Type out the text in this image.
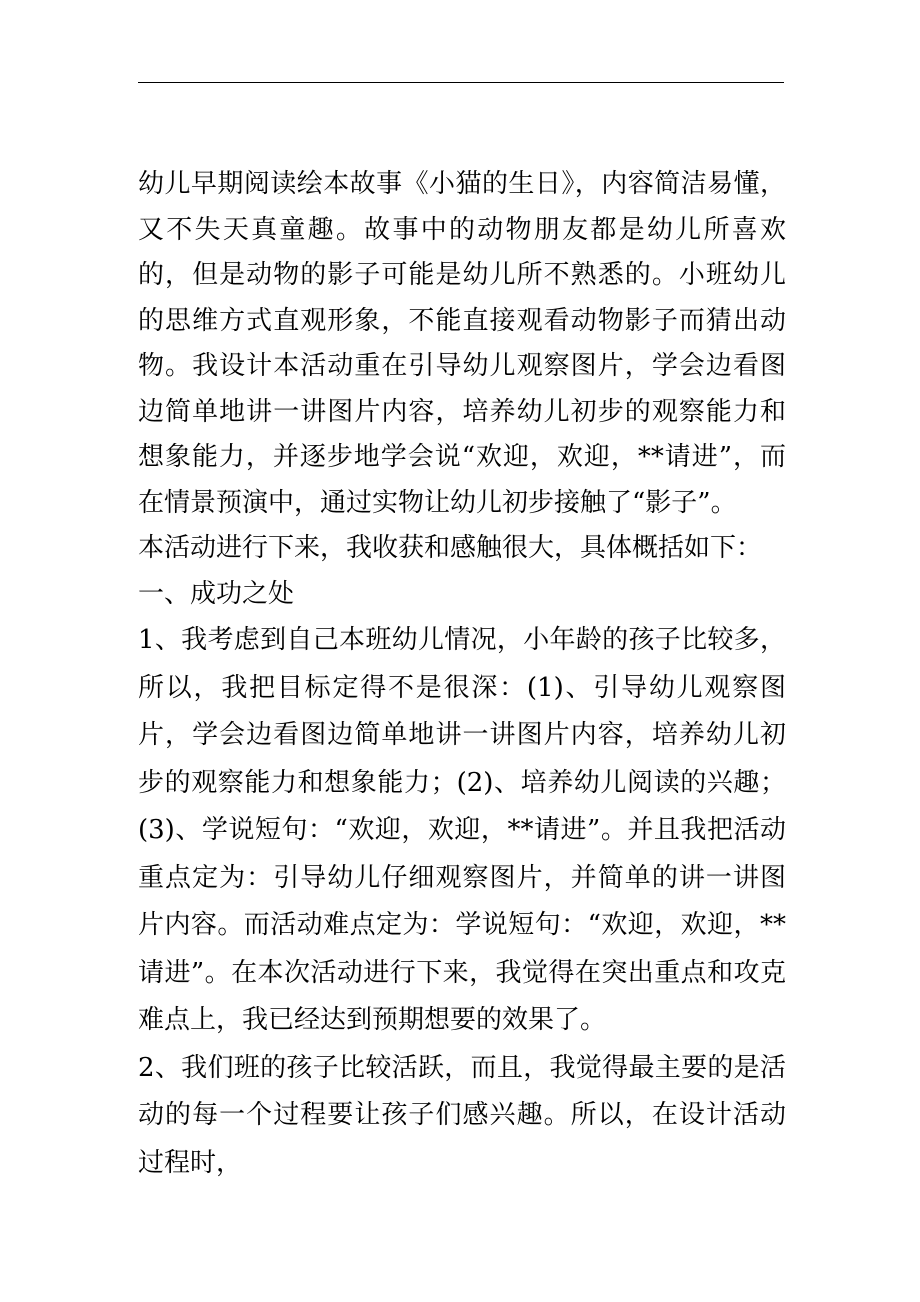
幼儿早期阅读绘本故事《小猫的生日》，内容简洁易懂，又不失天真童趣。故事中的动物朋友都是幼儿所喜欢的，但是动物的影子可能是幼儿所不熟悉的。小班幼儿的思维方式直观形象，不能直接观看动物影子而猜出动物。我设计本活动重在引导幼儿观察图片，学会边看图边简单地讲一讲图片内容，培养幼儿初步的观察能力和想象能力，并逐步地学会说“欢迎，欢迎，**请进”，而在情景预演中，通过实物让幼儿初步接触了“影子”。

本活动进行下来，我收获和感触很大，具体概括如下：

一、成功之处

1、我考虑到自己本班幼儿情况，小年龄的孩子比较多，所以，我把目标定得不是很深：(1)、引导幼儿观察图片，学会边看图边简单地讲一讲图片内容，培养幼儿初步的观察能力和想象能力；(2)、培养幼儿阅读的兴趣；(3)、学说短句：“欢迎，欢迎，**请进”。并且我把活动重点定为：引导幼儿仔细观察图片，并简单的讲一讲图片内容。而活动难点定为：学说短句：“欢迎，欢迎，**请进”。在本次活动进行下来，我觉得在突出重点和攻克难点上，我已经达到预期想要的效果了。

2、我们班的孩子比较活跃，而且，我觉得最主要的是活动的每一个过程要让孩子们感兴趣。所以，在设计活动过程时，
